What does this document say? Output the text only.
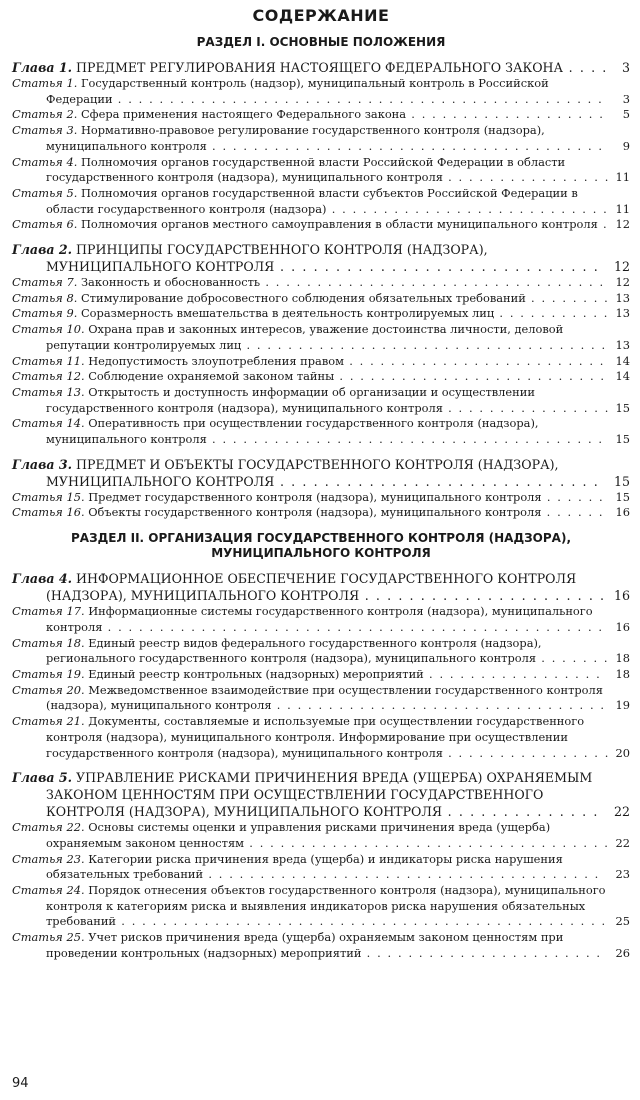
СОДЕРЖАНИЕ
РАЗДЕЛ I. ОСНОВНЫЕ ПОЛОЖЕНИЯ
Глава 1. ПРЕДМЕТ РЕГУЛИРОВАНИЯ НАСТОЯЩЕГО ФЕДЕРАЛЬНОГО ЗАКОНА . . . . 3
Статья 1. Государственный контроль (надзор), муниципальный контроль в Российской Федерации . . . . . . . . . . . . . . . . . . . . . . . . . . . . . . . . . . . . . . . . . . . . . . . 3
Статья 2. Сфера применения настоящего Федерального закона . . . . . . . . . . . . . . . . . . . 5
Статья 3. Нормативно-правовое регулирование государственного контроля (надзора), муниципального контроля . . . . . . . . . . . . . . . . . . . . . . . . . . . . . . . . . . . . . . 9
Статья 4. Полномочия органов государственной власти Российской Федерации в области государственного контроля (надзора), муниципального контроля . . . . . . . . . . . . . . . . 11
Статья 5. Полномочия органов государственной власти субъектов Российской Федерации в области государственного контроля (надзора) . . . . . . . . . . . . . . . . . . . . . . . . . . . 11
Статья 6. Полномочия органов местного самоуправления в области муниципального контроля . 12
Глава 2. ПРИНЦИПЫ ГОСУДАРСТВЕННОГО КОНТРОЛЯ (НАДЗОРА), МУНИЦИПАЛЬНОГО КОНТРОЛЯ . . . . . . . . . . . . . . . . . . . . . . . . . . . . . 12
Статья 7. Законность и обоснованность . . . . . . . . . . . . . . . . . . . . . . . . . . . . . . . . . 12
Статья 8. Стимулирование добросовестного соблюдения обязательных требований . . . . . . . . 13
Статья 9. Соразмерность вмешательства в деятельность контролируемых лиц . . . . . . . . . . . 13
Статья 10. Охрана прав и законных интересов, уважение достоинства личности, деловой репутации контролируемых лиц . . . . . . . . . . . . . . . . . . . . . . . . . . . . . . . . . . . 13
Статья 11. Недопустимость злоупотребления правом . . . . . . . . . . . . . . . . . . . . . . . . . 14
Статья 12. Соблюдение охраняемой законом тайны . . . . . . . . . . . . . . . . . . . . . . . . . . 14
Статья 13. Открытость и доступность информации об организации и осуществлении государственного контроля (надзора), муниципального контроля . . . . . . . . . . . . . . . . 15
Статья 14. Оперативность при осуществлении государственного контроля (надзора), муниципального контроля . . . . . . . . . . . . . . . . . . . . . . . . . . . . . . . . . . . . . . 15
Глава 3. ПРЕДМЕТ И ОБЪЕКТЫ ГОСУДАРСТВЕННОГО КОНТРОЛЯ (НАДЗОРА), МУНИЦИПАЛЬНОГО КОНТРОЛЯ . . . . . . . . . . . . . . . . . . . . . . . . . . . . . 15
Статья 15. Предмет государственного контроля (надзора), муниципального контроля . . . . . . 15
Статья 16. Объекты государственного контроля (надзора), муниципального контроля . . . . . . 16
РАЗДЕЛ II. ОРГАНИЗАЦИЯ ГОСУДАРСТВЕННОГО КОНТРОЛЯ (НАДЗОРА),
МУНИЦИПАЛЬНОГО КОНТРОЛЯ
Глава 4. ИНФОРМАЦИОННОЕ ОБЕСПЕЧЕНИЕ ГОСУДАРСТВЕННОГО КОНТРОЛЯ (НАДЗОРА), МУНИЦИПАЛЬНОГО КОНТРОЛЯ . . . . . . . . . . . . . . . . . . . . . . 16
Статья 17. Информационные системы государственного контроля (надзора), муниципального контроля . . . . . . . . . . . . . . . . . . . . . . . . . . . . . . . . . . . . . . . . . . . . . . . . 16
Статья 18. Единый реестр видов федерального государственного контроля (надзора), регионального государственного контроля (надзора), муниципального контроля . . . . . . . 18
Статья 19. Единый реестр контрольных (надзорных) мероприятий . . . . . . . . . . . . . . . . . 18
Статья 20. Межведомственное взаимодействие при осуществлении государственного контроля (надзора), муниципального контроля . . . . . . . . . . . . . . . . . . . . . . . . . . . . . . . . 19
Статья 21. Документы, составляемые и используемые при осуществлении государственного контроля (надзора), муниципального контроля. Информирование при осуществлении государственного контроля (надзора), муниципального контроля . . . . . . . . . . . . . . . . 20
Глава 5. УПРАВЛЕНИЕ РИСКАМИ ПРИЧИНЕНИЯ ВРЕДА (УЩЕРБА) ОХРАНЯЕМЫМ ЗАКОНОМ ЦЕННОСТЯМ ПРИ ОСУЩЕСТВЛЕНИИ ГОСУДАРСТВЕННОГО КОНТРОЛЯ (НАДЗОРА), МУНИЦИПАЛЬНОГО КОНТРОЛЯ . . . . . . . . . . . . . . 22
Статья 22. Основы системы оценки и управления рисками причинения вреда (ущерба) охраняемым законом ценностям . . . . . . . . . . . . . . . . . . . . . . . . . . . . . . . . . . . 22
Статья 23. Категории риска причинения вреда (ущерба) и индикаторы риска нарушения обязательных требований . . . . . . . . . . . . . . . . . . . . . . . . . . . . . . . . . . . . . . 23
Статья 24. Порядок отнесения объектов государственного контроля (надзора), муниципального контроля к категориям риска и выявления индикаторов риска нарушения обязательных требований . . . . . . . . . . . . . . . . . . . . . . . . . . . . . . . . . . . . . . . . . . . . . . . 25
Статья 25. Учет рисков причинения вреда (ущерба) охраняемым законом ценностям при проведении контрольных (надзорных) мероприятий . . . . . . . . . . . . . . . . . . . . . . . 26
94
